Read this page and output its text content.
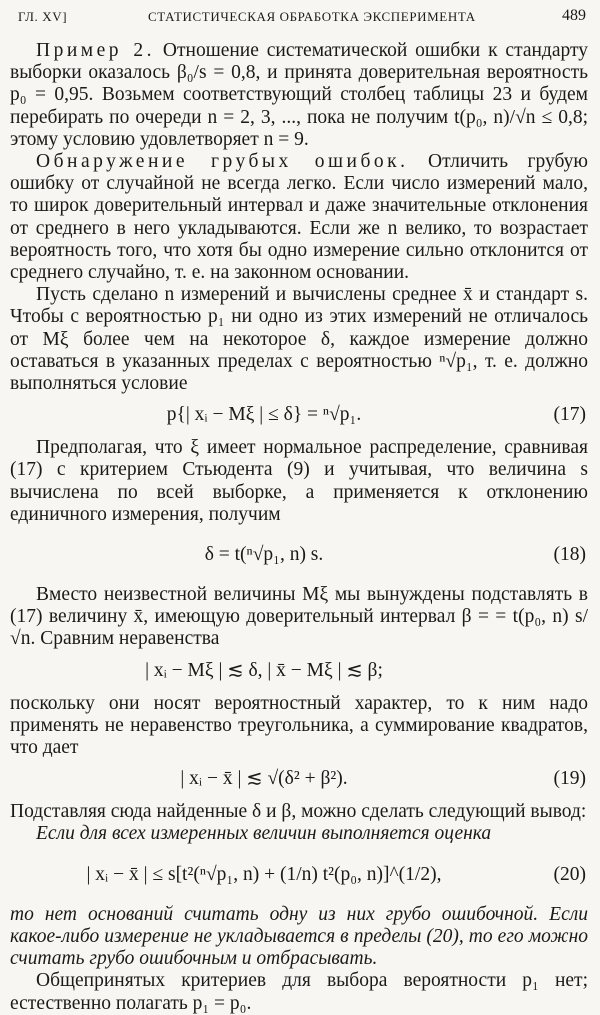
ГЛ. XV]	СТАТИСТИЧЕСКАЯ ОБРАБОТКА ЭКСПЕРИМЕНТА	489

Пример 2. Отношение систематической ошибки к стандарту выборки оказалось β₀/s = 0,8, и принята доверительная вероятность p₀ = 0,95. Возьмем соответствующий столбец таблицы 23 и будем перебирать по очереди n = 2, 3, ..., пока не получим t(p₀, n)/√n ≤ 0,8; этому условию удовлетворяет n = 9.

Обнаружение грубых ошибок. Отличить грубую ошибку от случайной не всегда легко. Если число измерений мало, то широк доверительный интервал и даже значительные отклонения от среднего в него укладываются. Если же n велико, то возрастает вероятность того, что хотя бы одно измерение сильно отклонится от среднего случайно, т. е. на законном основании.

Пусть сделано n измерений и вычислены среднее x̄ и стандарт s. Чтобы с вероятностью p₁ ни одно из этих измерений не отличалось от Mξ более чем на некоторое δ, каждое измерение должно оставаться в указанных пределах с вероятностью ⁿ√p₁, т. е. должно выполняться условие

p{| xᵢ − Mξ | ≤ δ} = ⁿ√p₁.	(17)

Предполагая, что ξ имеет нормальное распределение, сравнивая (17) с критерием Стьюдента (9) и учитывая, что величина s вычислена по всей выборке, а применяется к отклонению единичного измерения, получим

δ = t(ⁿ√p₁, n) s.	(18)

Вместо неизвестной величины Mξ мы вынуждены подставлять в (17) величину x̄, имеющую доверительный интервал β = = t(p₀, n) s/√n. Сравним неравенства

| xᵢ − Mξ | ≲ δ, | x̄ − Mξ | ≲ β;

поскольку они носят вероятностный характер, то к ним надо применять не неравенство треугольника, а суммирование квадратов, что дает

| xᵢ − x̄ | ≲ √(δ² + β²).	(19)

Подставляя сюда найденные δ и β, можно сделать следующий вывод:

Если для всех измеренных величин выполняется оценка

| xᵢ − x̄ | ≤ s[t²(ⁿ√p₁, n) + (1/n) t²(p₀, n)]^(1/2),	(20)

то нет оснований считать одну из них грубо ошибочной. Если какое-либо измерение не укладывается в пределы (20), то его можно считать грубо ошибочным и отбрасывать.

Общепринятых критериев для выбора вероятности p₁ нет; естественно полагать p₁ = p₀.
